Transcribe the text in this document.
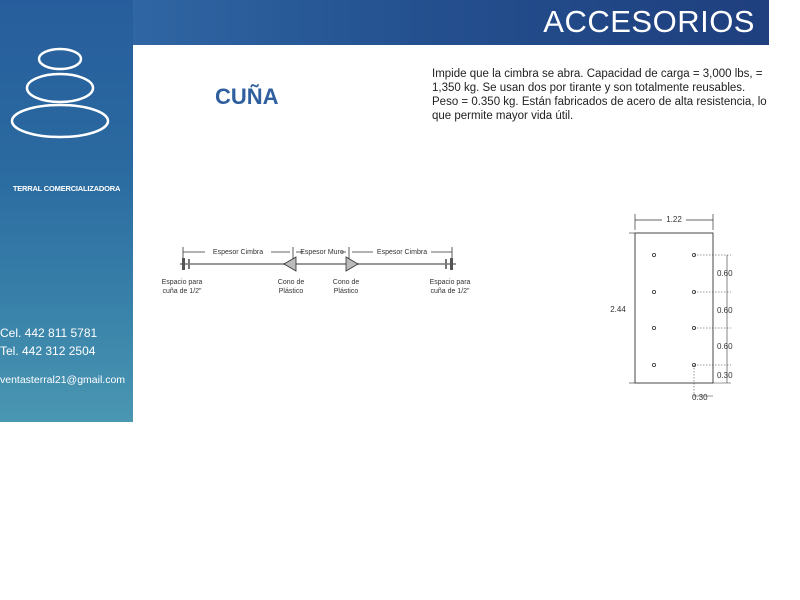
TERRAL COMERCIALIZADORA
Cel. 442 811 5781
Tel. 442 312 2504
ventasterral21@gmail.com
ACCESORIOS
CUÑA
Impide que la cimbra se abra. Capacidad de carga = 3,000 lbs, = 1,350 kg. Se usan dos por tirante y son totalmente reusables. Peso = 0.350 kg. Están fabricados de acero de alta resistencia, lo que permite mayor vida útil.
Espesor Cimbra	Espesor Muro	Espesor Cimbra
Espacio para
cuña de 1/2"
Cono de
Plástico
Cono de
Plástico
Espacio para
cuña de 1/2"
1.22
2.44
0.60
0.60
0.60
0.30
0.30
